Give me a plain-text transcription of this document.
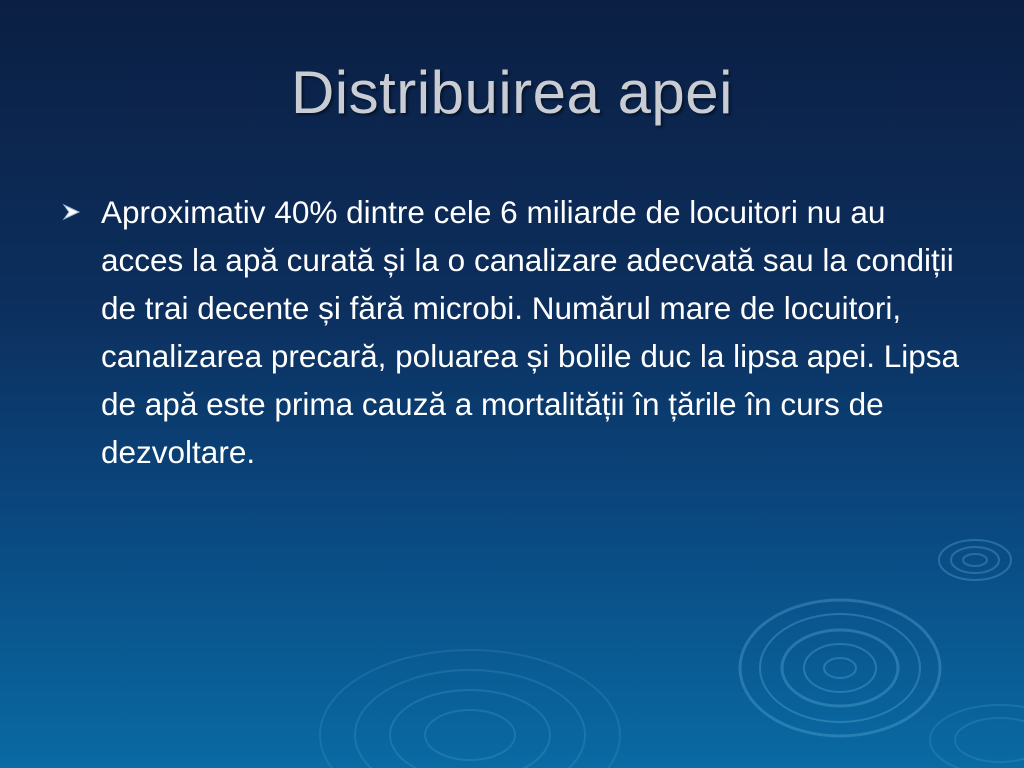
Distribuirea apei
Aproximativ 40% dintre cele 6 miliarde de locuitori nu au acces la apă curată și la o canalizare adecvată sau la condiții de trai decente și fără microbi. Numărul mare de locuitori, canalizarea precară, poluarea și bolile duc la lipsa apei. Lipsa de apă este prima cauză a mortalității în țările în curs de dezvoltare.
